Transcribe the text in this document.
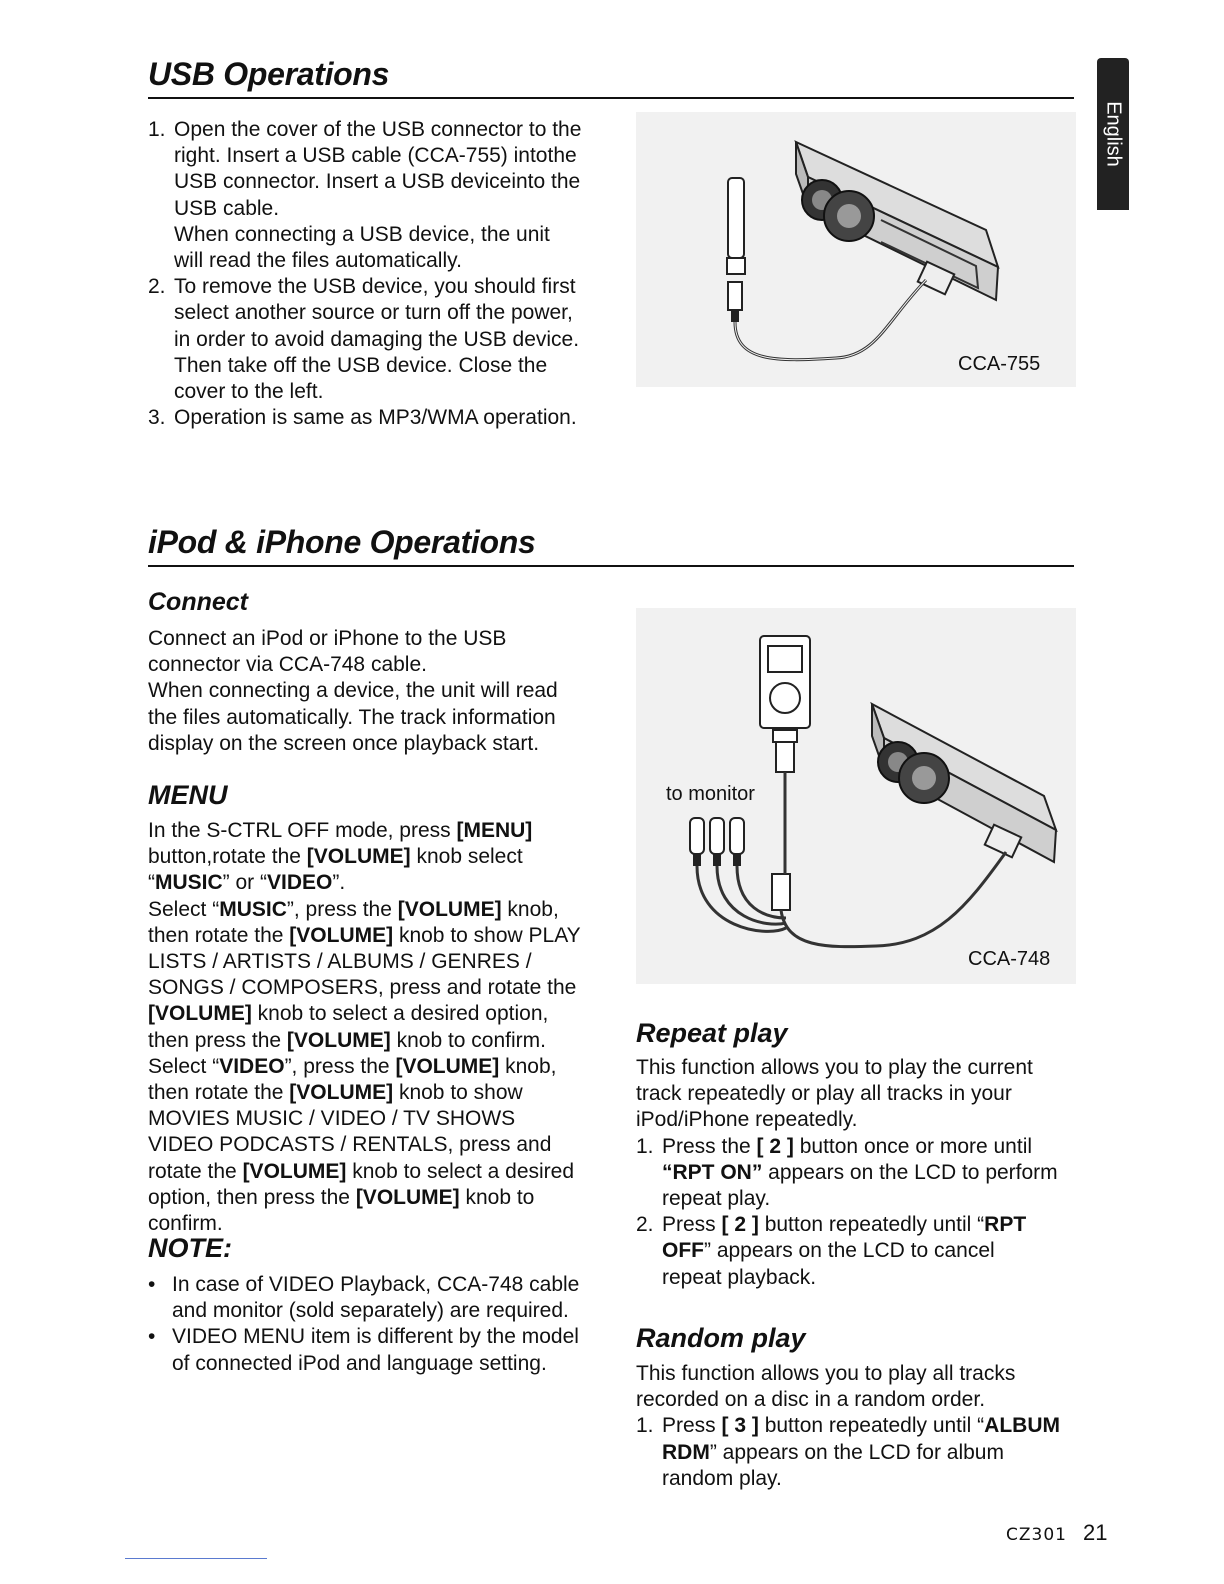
English
USB Operations
1. Open the cover of the USB connector to the
right. Insert a USB cable (CCA-755) intothe
USB connector. Insert a USB deviceinto the
USB cable.
When connecting a USB device, the unit
will read the files automatically.
2. To remove the USB device, you should first
select another source or turn off the power,
in order to avoid damaging the USB device.
Then take off the USB device. Close the
cover to the left.
3. Operation is same as MP3/WMA operation.
CCA-755
iPod & iPhone Operations
Connect

Connect an iPod or iPhone to the USB

connector via CCA-748 cable.

When connecting a device, the unit will read

the files automatically. The track information

display on the screen once playback start.

MENU

In the S-CTRL OFF mode, press [MENU]

button,rotate the [VOLUME] knob select

“MUSIC” or “VIDEO”.

Select “MUSIC”, press the [VOLUME] knob,

then rotate the [VOLUME] knob to show PLAY

LISTS / ARTISTS / ALBUMS / GENRES /

SONGS / COMPOSERS, press and rotate the

[VOLUME] knob to select a desired option,

then press the [VOLUME] knob to confirm.

Select “VIDEO”, press the [VOLUME] knob,

then rotate the [VOLUME] knob to show

MOVIES MUSIC / VIDEO / TV SHOWS

VIDEO PODCASTS / RENTALS, press and

rotate the [VOLUME] knob to select a desired

option, then press the [VOLUME] knob to

confirm.

NOTE:
• In case of VIDEO Playback, CCA-748 cable
and monitor (sold separately) are required.
• VIDEO MENU item is different by the model
of connected iPod and language setting.
to monitor
CCA-748
Repeat play

This function allows you to play the current

track repeatedly or play all tracks in your

iPod/iPhone repeatedly.

1. Press the [ 2 ] button once or more until
“RPT ON” appears on the LCD to perform
repeat play.
2. Press [ 2 ] button repeatedly until “RPT
OFF” appears on the LCD to cancel
repeat playback.
Random play

This function allows you to play all tracks

recorded on a disc in a random order.

1. Press [ 3 ] button repeatedly until “ALBUM
RDM” appears on the LCD for album
random play.
CZ301 21
